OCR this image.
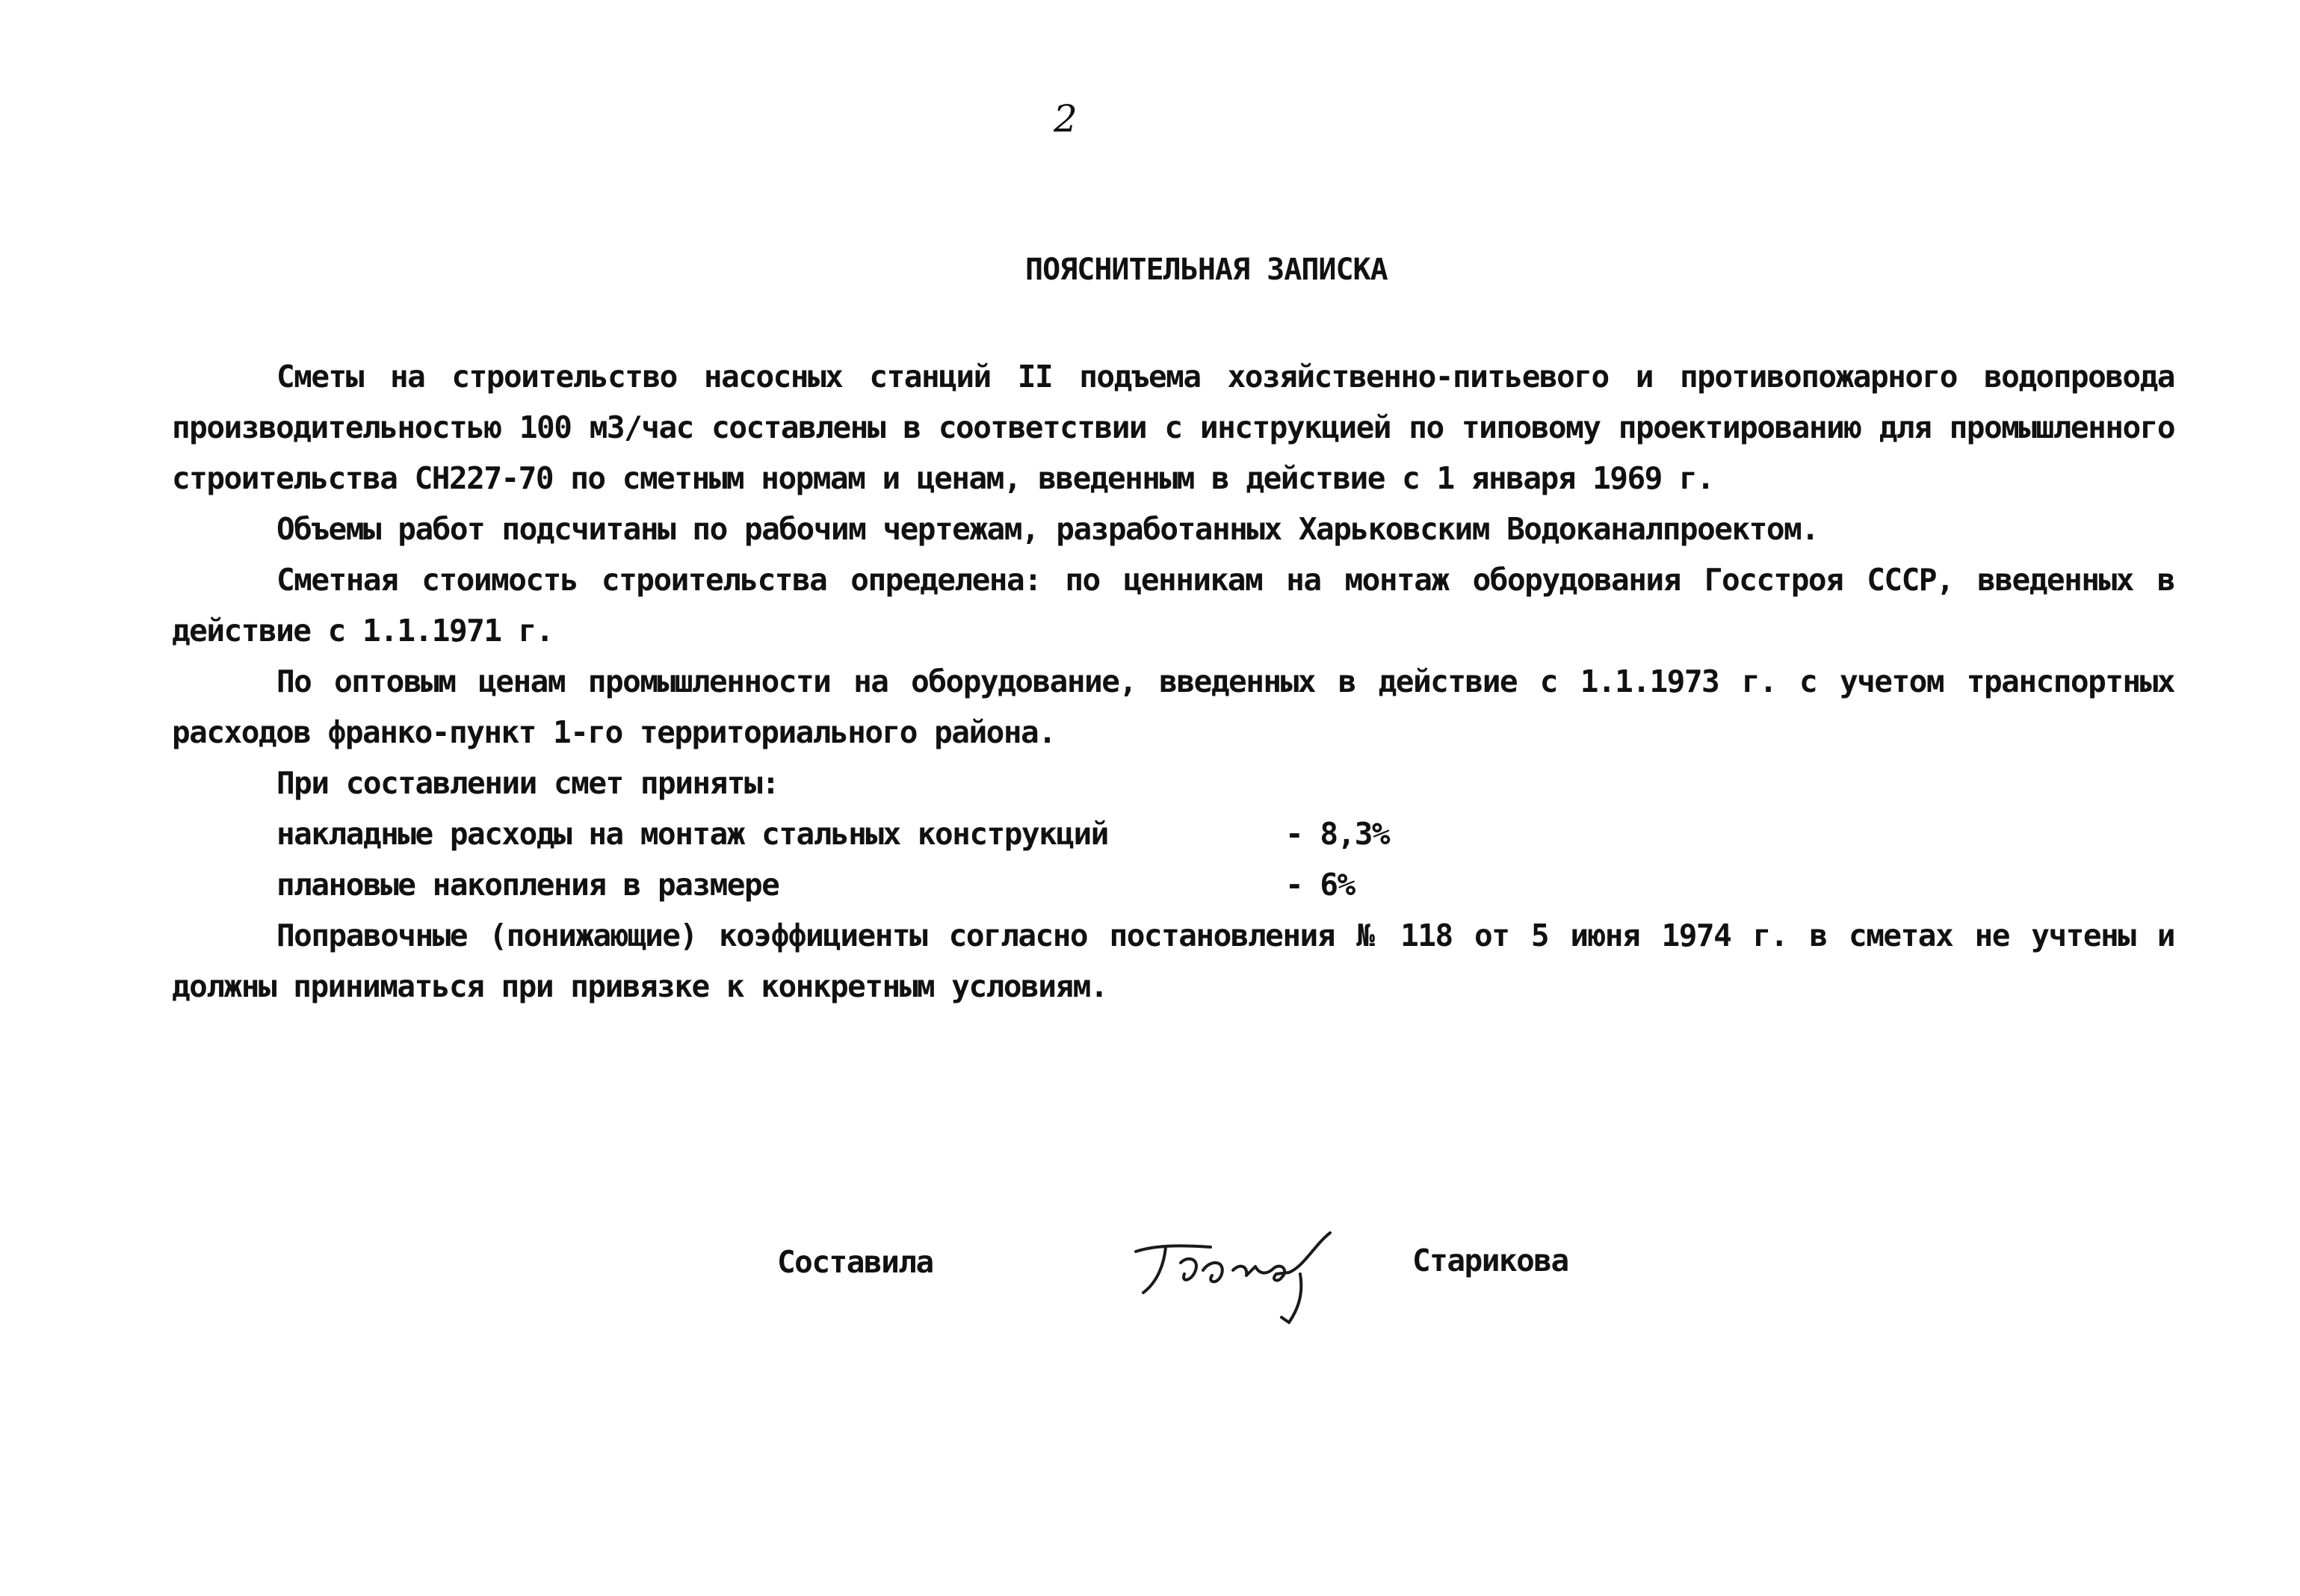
2
ПОЯСНИТЕЛЬНАЯ ЗАПИСКА

Сметы на строительство насосных станций II подъема хозяйственно-питьевого и противопожарного водопровода производительностью 100 м3/час составлены в соответствии с инструкцией по типовому проектированию для промышленного строительства СН227-70 по сметным нормам и ценам, введенным в действие с 1 января 1969 г.

Объемы работ подсчитаны по рабочим чертежам, разработанных Харьковским Водоканалпроектом.

Сметная стоимость строительства определена: по ценникам на монтаж оборудования Госстроя СССР, введенных в действие с 1.1.1971 г.

По оптовым ценам промышленности на оборудование, введенных в действие с 1.1.1973 г. с учетом транспортных расходов франко-пункт 1-го территориального района.

При составлении смет приняты:

накладные расходы на монтаж стальных конструкций	- 8,3%
плановые накопления в размере	- 6%

Поправочные (понижающие) коэффициенты согласно постановления № 118 от 5 июня 1974 г. в сметах не учтены и должны приниматься при привязке к конкретным условиям.

Составила	Старикова
